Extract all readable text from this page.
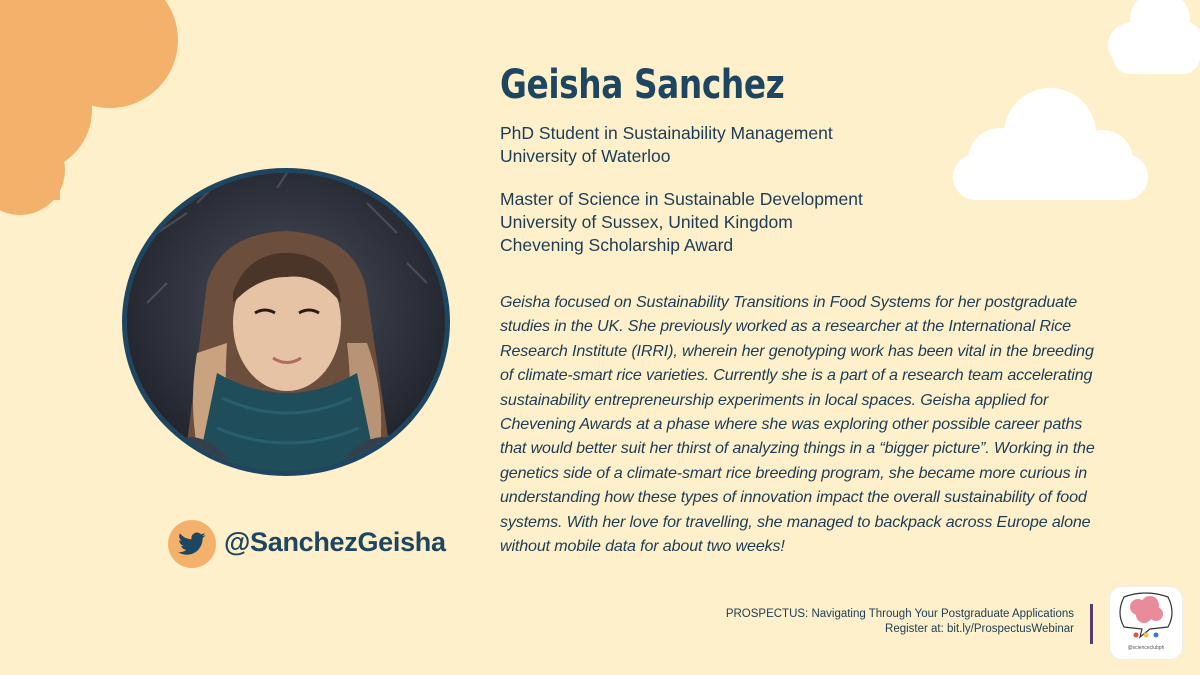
@SanchezGeisha
Geisha Sanchez
PhD Student in Sustainability Management
University of Waterloo
Master of Science in Sustainable Development
University of Sussex, United Kingdom
Chevening Scholarship Award

Geisha focused on Sustainability Transitions in Food Systems for her postgraduate studies in the UK. She previously worked as a researcher at the International Rice Research Institute (IRRI), wherein her genotyping work has been vital in the breeding of climate-smart rice varieties. Currently she is a part of a research team accelerating sustainability entrepreneurship experiments in local spaces. Geisha applied for Chevening Awards at a phase where she was exploring other possible career paths that would better suit her thirst of analyzing things in a “bigger picture”. Working in the genetics side of a climate-smart rice breeding program, she became more curious in understanding how these types of innovation impact the overall sustainability of food systems. With her love for travelling, she managed to backpack across Europe alone without mobile data for about two weeks!

PROSPECTUS: Navigating Through Your Postgraduate Applications
Register at: bit.ly/ProspectusWebinar
@scienceclubph
